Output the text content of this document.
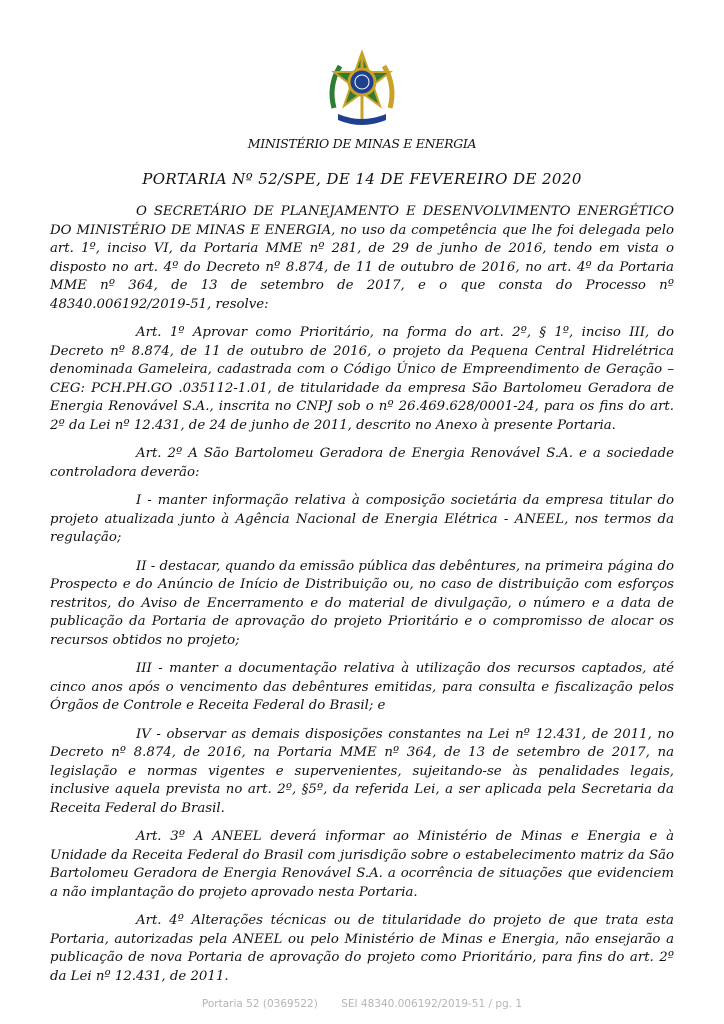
MINISTÉRIO DE MINAS E ENERGIA
PORTARIA Nº 52/SPE, DE 14 DE FEVEREIRO DE 2020

O SECRETÁRIO DE PLANEJAMENTO E DESENVOLVIMENTO ENERGÉTICO DO MINISTÉRIO DE MINAS E ENERGIA, no uso da competência que lhe foi delegada pelo art. 1º, inciso VI, da Portaria MME nº 281, de 29 de junho de 2016, tendo em vista o disposto no art. 4º do Decreto nº 8.874, de 11 de outubro de 2016, no art. 4º da Portaria MME nº 364, de 13 de setembro de 2017, e o que consta do Processo nº 48340.006192/2019-51, resolve:

Art. 1º Aprovar como Prioritário, na forma do art. 2º, § 1º, inciso III, do Decreto nº 8.874, de 11 de outubro de 2016, o projeto da Pequena Central Hidrelétrica denominada Gameleira, cadastrada com o Código Único de Empreendimento de Geração – CEG: PCH.PH.GO .035112-1.01, de titularidade da empresa São Bartolomeu Geradora de Energia Renovável S.A., inscrita no CNPJ sob o nº 26.469.628/0001-24, para os fins do art. 2º da Lei nº 12.431, de 24 de junho de 2011, descrito no Anexo à presente Portaria.

Art. 2º A São Bartolomeu Geradora de Energia Renovável S.A. e a sociedade controladora deverão:

I - manter informação relativa à composição societária da empresa titular do projeto atualizada junto à Agência Nacional de Energia Elétrica - ANEEL, nos termos da regulação;

II - destacar, quando da emissão pública das debêntures, na primeira página do Prospecto e do Anúncio de Início de Distribuição ou, no caso de distribuição com esforços restritos, do Aviso de Encerramento e do material de divulgação, o número e a data de publicação da Portaria de aprovação do projeto Prioritário e o compromisso de alocar os recursos obtidos no projeto;

III - manter a documentação relativa à utilização dos recursos captados, até cinco anos após o vencimento das debêntures emitidas, para consulta e fiscalização pelos Órgãos de Controle e Receita Federal do Brasil; e

IV - observar as demais disposições constantes na Lei nº 12.431, de 2011, no Decreto nº 8.874, de 2016, na Portaria MME nº 364, de 13 de setembro de 2017, na legislação e normas vigentes e supervenientes, sujeitando-se às penalidades legais, inclusive aquela prevista no art. 2º, §5º, da referida Lei, a ser aplicada pela Secretaria da Receita Federal do Brasil.

Art. 3º A ANEEL deverá informar ao Ministério de Minas e Energia e à Unidade da Receita Federal do Brasil com jurisdição sobre o estabelecimento matriz da São Bartolomeu Geradora de Energia Renovável S.A. a ocorrência de situações que evidenciem a não implantação do projeto aprovado nesta Portaria.

Art. 4º Alterações técnicas ou de titularidade do projeto de que trata esta Portaria, autorizadas pela ANEEL ou pelo Ministério de Minas e Energia, não ensejarão a publicação de nova Portaria de aprovação do projeto como Prioritário, para fins do art. 2º da Lei nº 12.431, de 2011.

Portaria 52 (0369522) SEI 48340.006192/2019-51 / pg. 1
